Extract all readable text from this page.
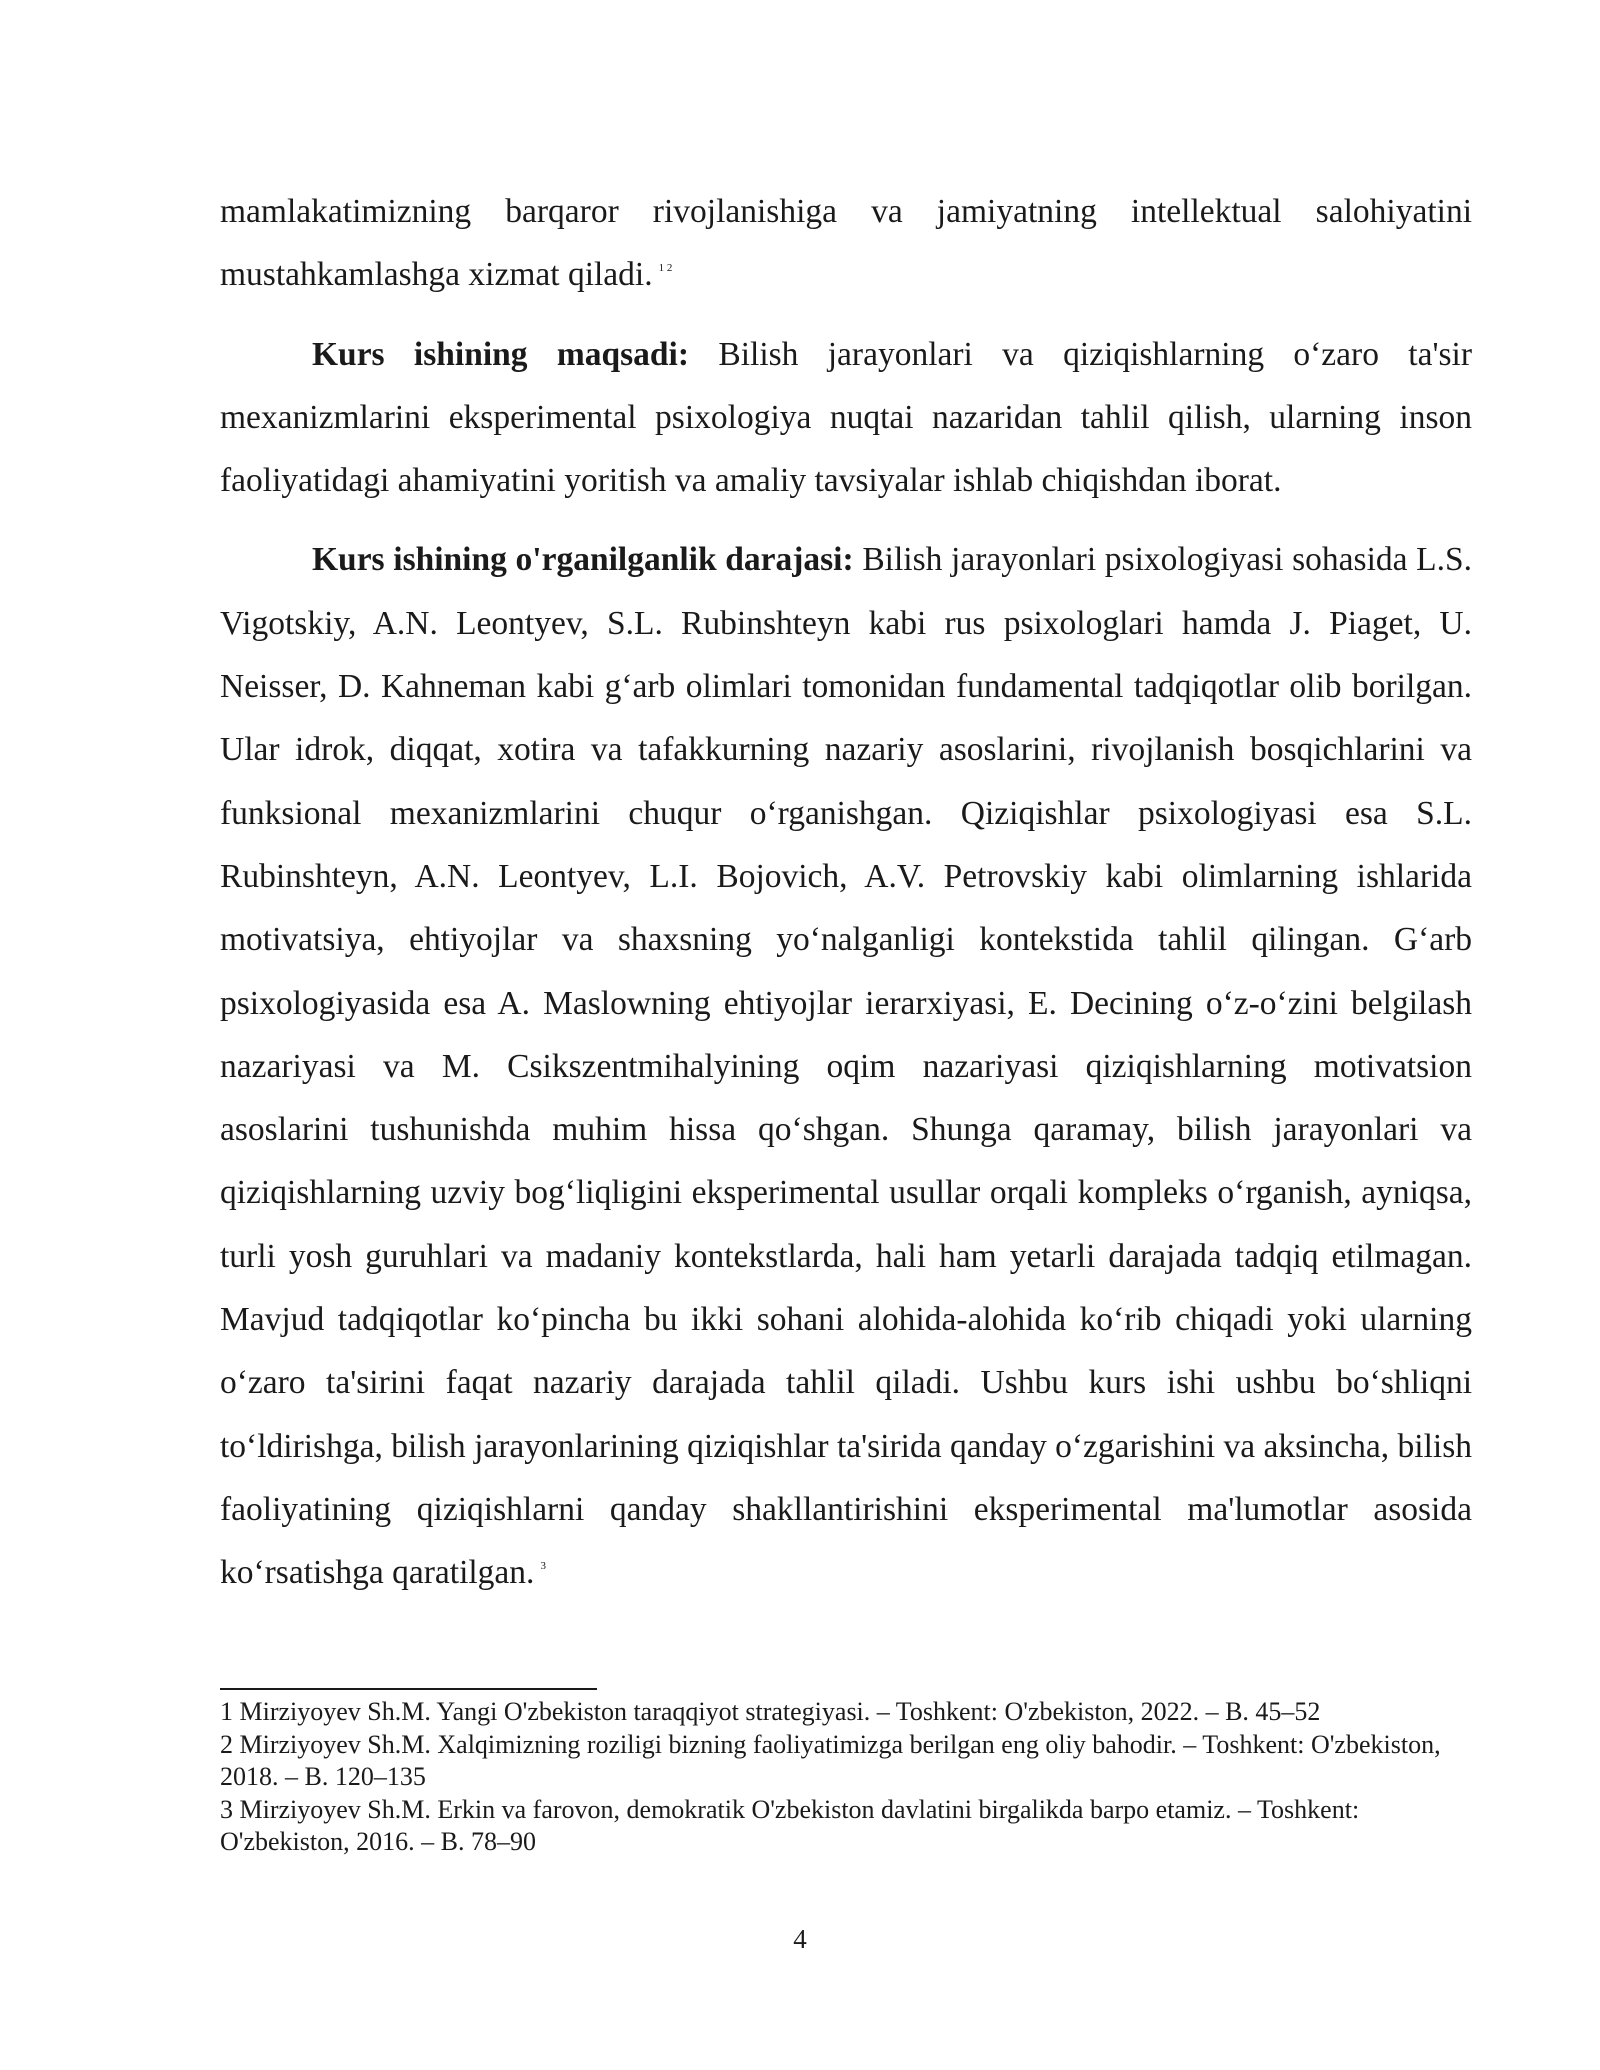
mamlakatimizning barqaror rivojlanishiga va jamiyatning intellektual salohiyatini mustahkamlashga xizmat qiladi. $^{1 2}$

Kurs ishining maqsadi: Bilish jarayonlari va qiziqishlarning o‘zaro ta'sir mexanizmlarini eksperimental psixologiya nuqtai nazaridan tahlil qilish, ularning inson faoliyatidagi ahamiyatini yoritish va amaliy tavsiyalar ishlab chiqishdan iborat.

Kurs ishining o'rganilganlik darajasi: Bilish jarayonlari psixologiyasi sohasida L.S. Vigotskiy, A.N. Leontyev, S.L. Rubinshteyn kabi rus psixologlari hamda J. Piaget, U. Neisser, D. Kahneman kabi g‘arb olimlari tomonidan fundamental tadqiqotlar olib borilgan. Ular idrok, diqqat, xotira va tafakkurning nazariy asoslarini, rivojlanish bosqichlarini va funksional mexanizmlarini chuqur o‘rganishgan. Qiziqishlar psixologiyasi esa S.L. Rubinshteyn, A.N. Leontyev, L.I. Bojovich, A.V. Petrovskiy kabi olimlarning ishlarida motivatsiya, ehtiyojlar va shaxsning yo‘nalganligi kontekstida tahlil qilingan. G‘arb psixologiyasida esa A. Maslowning ehtiyojlar ierarxiyasi, E. Decining o‘z-o‘zini belgilash nazariyasi va M. Csikszentmihalyining oqim nazariyasi qiziqishlarning motivatsion asoslarini tushunishda muhim hissa qo‘shgan. Shunga qaramay, bilish jarayonlari va qiziqishlarning uzviy bog‘liqligini eksperimental usullar orqali kompleks o‘rganish, ayniqsa, turli yosh guruhlari va madaniy kontekstlarda, hali ham yetarli darajada tadqiq etilmagan. Mavjud tadqiqotlar ko‘pincha bu ikki sohani alohida-alohida ko‘rib chiqadi yoki ularning o‘zaro ta'sirini faqat nazariy darajada tahlil qiladi. Ushbu kurs ishi ushbu bo‘shliqni to‘ldirishga, bilish jarayonlarining qiziqishlar ta'sirida qanday o‘zgarishini va aksincha, bilish faoliyatining qiziqishlarni qanday shakllantirishini eksperimental ma'lumotlar asosida ko‘rsatishga qaratilgan. $^3$

1 Mirziyoyev Sh.M. Yangi O'zbekiston taraqqiyot strategiyasi. – Toshkent: O'zbekiston, 2022. – B. 45–52

2 Mirziyoyev Sh.M. Xalqimizning roziligi bizning faoliyatimizga berilgan eng oliy bahodir. – Toshkent: O'zbekiston, 2018. – B. 120–135

3 Mirziyoyev Sh.M. Erkin va farovon, demokratik O'zbekiston davlatini birgalikda barpo etamiz. – Toshkent: O'zbekiston, 2016. – B. 78–90

4
